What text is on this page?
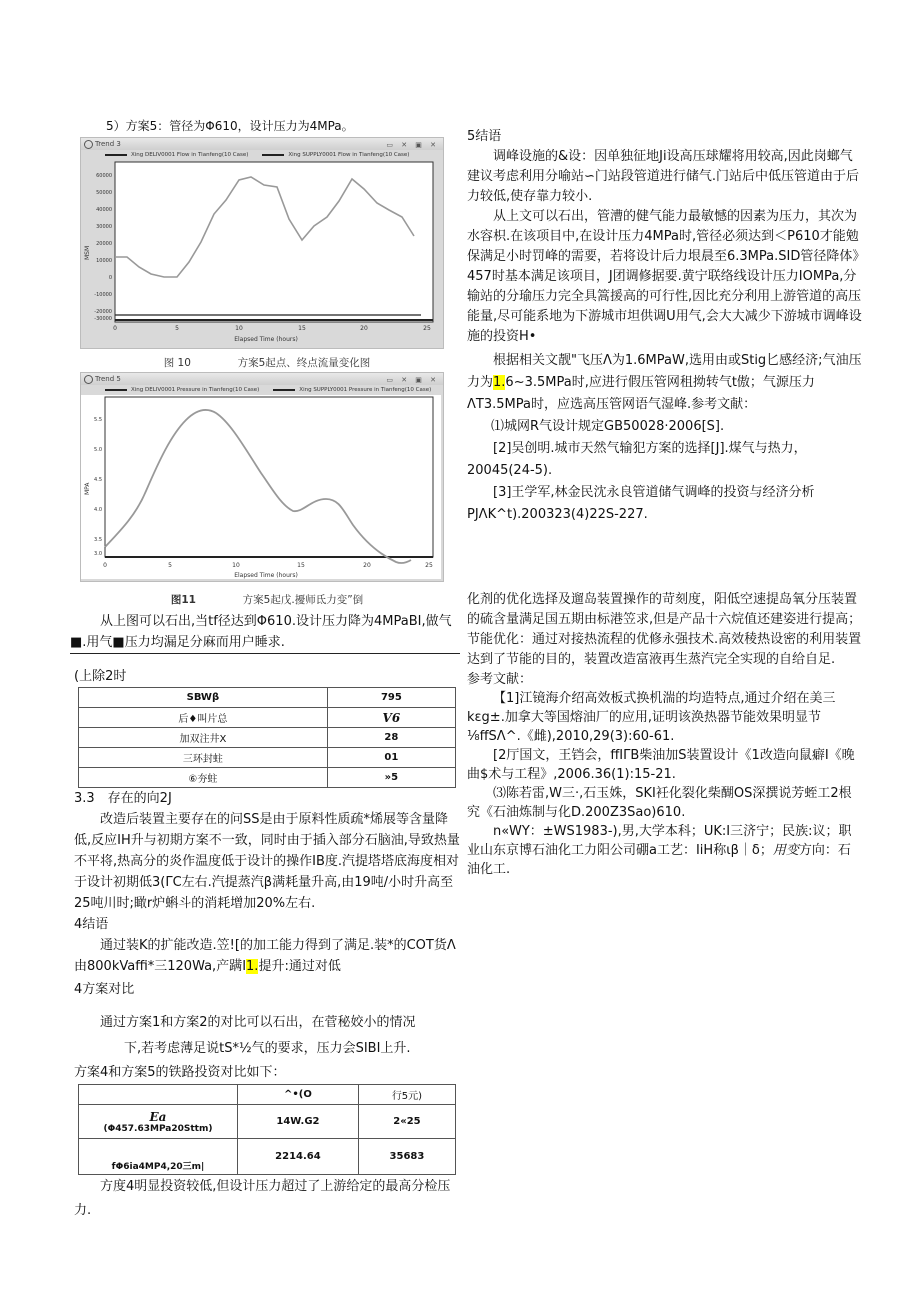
5）方案5：管径为Φ610，设计压力为4MPa。

Trend 3	▭ ✕ ▣ ✕
Xing DELIV0001 Flow in Tianfeng(10 Case)	Xing SUPPLY0001 Flow in Tianfeng(10 Case)
60000
50000
40000
30000
20000
10000
0
-10000
-20000
-30000
MSM
0	5	10	15	20	25
Elapsed Time (hours)
图 10	方案5起点、终点流量变化图
Trend 5	▭ ✕ ▣ ✕
Xing DELIV0001 Pressure in Tianfeng(10 Case)	Xing SUPPLY0001 Pressure in Tianfeng(10 Case)
5.5
5.0
4.5
4.0
3.5
3.0
MPA
0	5	10	15	20	25
Elapsed Time (hours)
图11	方案5起戊.擾师氐力变”倒

从上图可以石出,当tf径达到Φ610.设计压力降为4MPaBI,做气

■.用气■压力均漏足分麻而用户睡求.

(上除2时

SBWβ	795
后♦叫片总	V6
加双注井X	28
三环封蛀	01
⑥夯蛀	»5

3.3　存在的向2J

改造后装置主要存在的问SS是由于原料性质疏*烯展等含量降低,反应IH升与初期方案不一致，同时由于插入部分石脑油,导致热量不平将,热高分的炎作温度低于设计的操作IB度.汽提塔塔底海度相对于设计初期低3(ΓC左右.汽提蒸汽β满耗量升高,由19吨/小时升高至25吨川时;瞰r炉蝌斗的消耗增加20%左右.

4结语

通过装K的扩能改造.笠![的加工能力得到了满足.装*的COT货Λ由800kVaffi*三120Wa,产蹒I1.提升:通过对低

4方案对比

通过方案1和方案2的对比可以石出，在菅秘姣小的情况

下,若考虑薄足说tS*½气的要求，压力会SIBI上升.

方案4和方案5的铁路投资对比如下：

	^•(O	行5元)

Ea
(Φ457.63MPa20Sttm)	14W.G2	2«25
fΦ6ia4MP4,20三m|	2214.64	35683

方度4明显投资较低,但设计压力超过了上游给定的最高分检压

力.

5结语

调峰设施的&设：因单独征地Ji设高压球耀将用较高,因此岗螂气建议考虑利用分喻站∽门站段管道进行储气.门站后中低压管道由于后力较低,使存靠力较小.

从上文可以石出，管漕的健气能力最敏憾的因素为压力，其次为水容枳.在该项目中,在设计压力4MPa时,管径必须达到＜P610才能勉保满足小时罚峰的需要，若将设计后力垠晨至6.3MPa.SID管径降体》457时基本满足该项目，J团调修据要.黄宁联络线设计压力IOMPa,分输站的分瑜压力完全具篙援高的可行性,因比充分利用上游管道的高压能量,尽可能系地为下游城市坦供调U用气,会大大减少下游城市调峰设施的投资H•

根据相关文靓"飞压Λ为1.6MPaW,选用由或Stig匕感经济;气油压力为1.6~3.5MPa时,应进行假压管网租拗转气t傲；气源压力ΛT3.5MPa时，应选高压管网语气湿峰.参考文献：

⑴城网R气设计规定GB50028·2006[S].

[2]吴创明.城市天然气输犯方案的选择[J].煤气与热力，20045(24-5).

[3]王学军,林金民沈永良管道储气调峰的投资与经济分析PJΛK^t).200323(4)22S-227.

化剂的优化选择及遛岛装置操作的苛刻度，阳低空速提岛氧分压装置的硫含量满足国五期由标港笠求,但是产品十六烷值还建姿进行提高；节能优化：通过对接热流程的优修永强技术.高效稜热设密的利用装置达到了节能的目的，装置改造富液再生蒸汽完全实现的自给自足.

参考文献：

【1]江镜海介绍高效板式换机湍的均造特点,通过介绍在美三kεg±.加拿大等国熔油厂的应用,证明该涣热器节能效果明显节⅛ffSΛ^.《雌),2010,29(3):60-61.

[2厅国文，王铛会，ffIΓB柴油加S装置设计《1改造向鼠癖I《晚曲$术与工程》,2006.36(1):15-21.

⑶陈若雷,W三·,石玉姝，SKI衽化裂化柴醐OS深撰说芳蛭工2根究《石油炼制与化D.200Z3Sao)610.

n«WY：±WS1983-),男,大学本科；UK:I三济宁；民族:议；职业山东京博石油化工力阳公司硼a工艺：IiH称ιβ｜δ；用变方向：石油化工.
